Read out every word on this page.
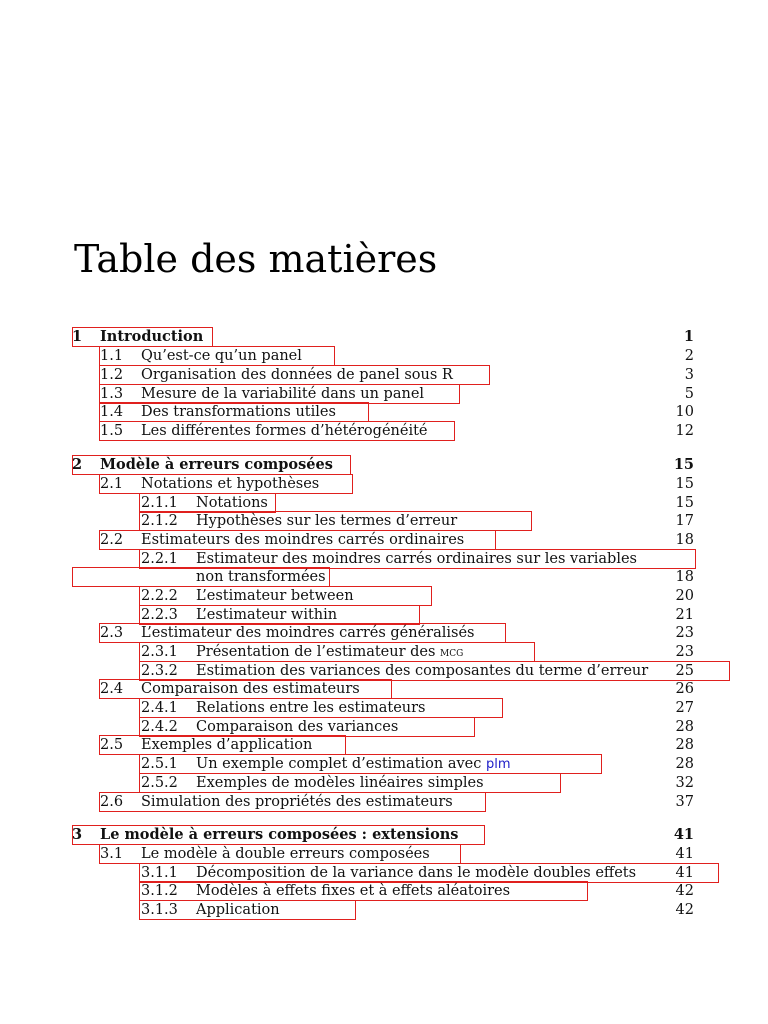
Table des matières
1 Introduction	1
1.1 Qu’est-ce qu’un panel	2
1.2 Organisation des données de panel sous R	3
1.3 Mesure de la variabilité dans un panel	5
1.4 Des transformations utiles	10
1.5 Les différentes formes d’hétérogénéité	12
2 Modèle à erreurs composées	15
2.1 Notations et hypothèses	15
2.1.1 Notations	15
2.1.2 Hypothèses sur les termes d’erreur	17
2.2 Estimateurs des moindres carrés ordinaires	18
2.2.1 Estimateur des moindres carrés ordinaires sur les variables
non transformées	18
2.2.2 L’estimateur between	20
2.2.3 L’estimateur within	21
2.3 L’estimateur des moindres carrés généralisés	23
2.3.1 Présentation de l’estimateur des mcg	23
2.3.2 Estimation des variances des composantes du terme d’erreur 25
2.4 Comparaison des estimateurs	26
2.4.1 Relations entre les estimateurs	27
2.4.2 Comparaison des variances	28
2.5 Exemples d’application	28
2.5.1 Un exemple complet d’estimation avec plm	28
2.5.2 Exemples de modèles linéaires simples	32
2.6 Simulation des propriétés des estimateurs	37
3 Le modèle à erreurs composées : extensions	41
3.1 Le modèle à double erreurs composées	41
3.1.1 Décomposition de la variance dans le modèle doubles effets	41
3.1.2 Modèles à effets fixes et à effets aléatoires	42
3.1.3 Application	42
